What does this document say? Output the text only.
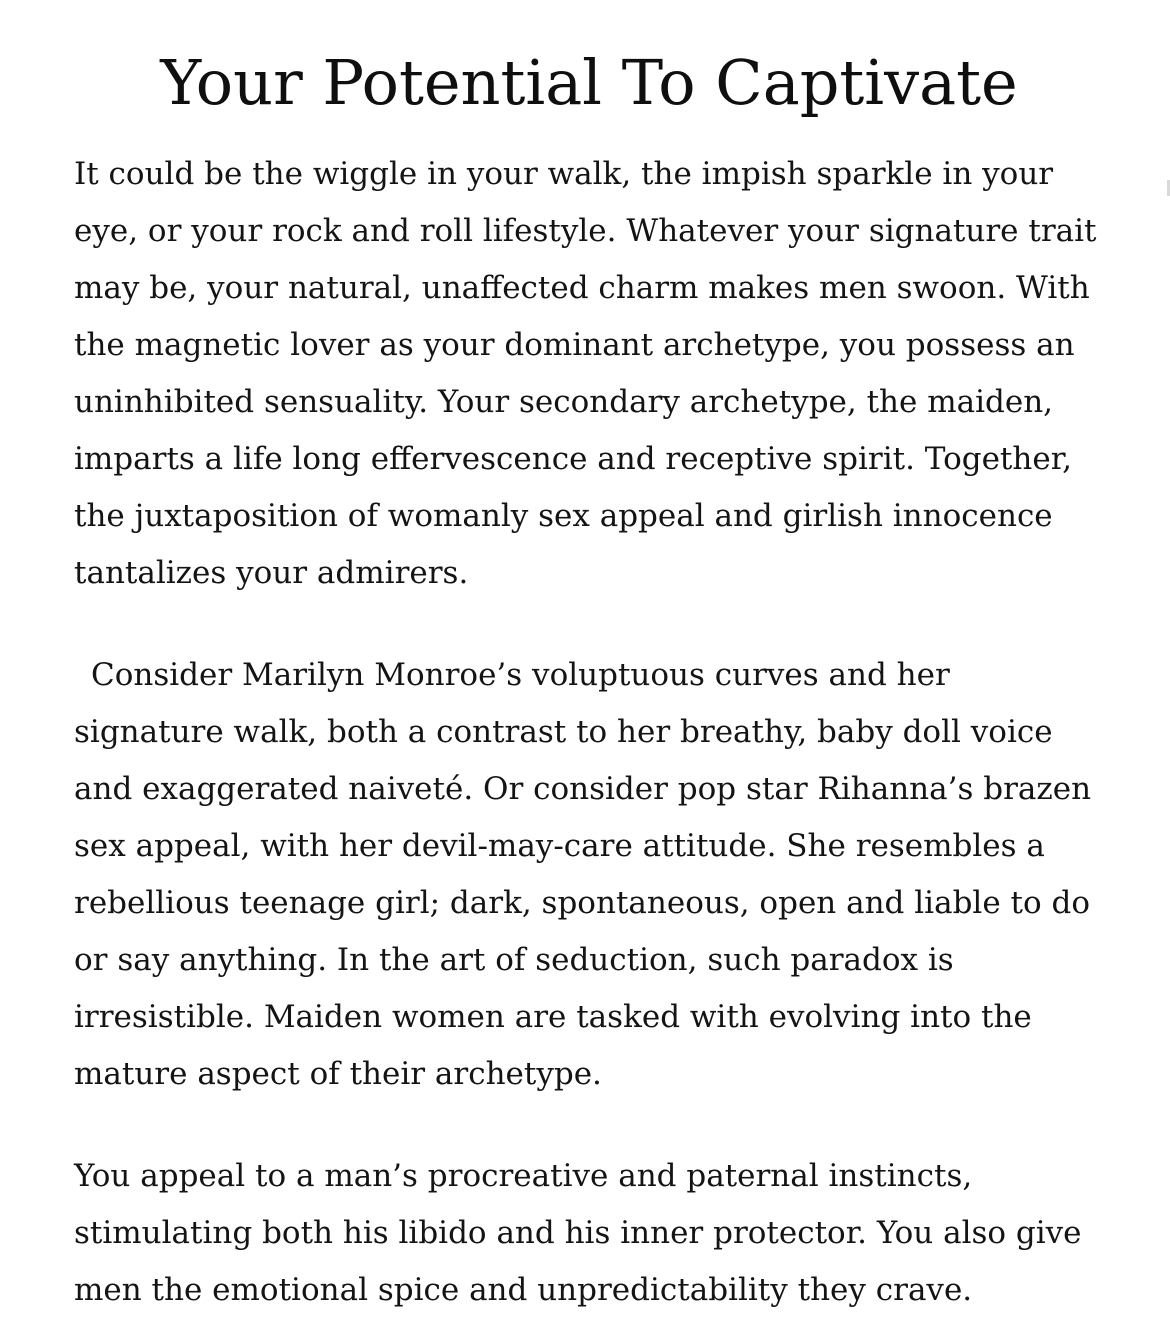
Your Potential To Captivate

It could be the wiggle in your walk, the impish sparkle in your eye, or your rock and roll lifestyle. Whatever your signature trait may be, your natural, unaffected charm makes men swoon. With the magnetic lover as your dominant archetype, you possess an uninhibited sensuality. Your secondary archetype, the maiden, imparts a life long effervescence and receptive spirit. Together, the juxtaposition of womanly sex appeal and girlish innocence tantalizes your admirers.

Consider Marilyn Monroe’s voluptuous curves and her signature walk, both a contrast to her breathy, baby doll voice and exaggerated naiveté. Or consider pop star Rihanna’s brazen sex appeal, with her devil-may-care attitude. She resembles a rebellious teenage girl; dark, spontaneous, open and liable to do or say anything. In the art of seduction, such paradox is irresistible. Maiden women are tasked with evolving into the mature aspect of their archetype.

You appeal to a man’s procreative and paternal instincts, stimulating both his libido and his inner protector. You also give men the emotional spice and unpredictability they crave.
